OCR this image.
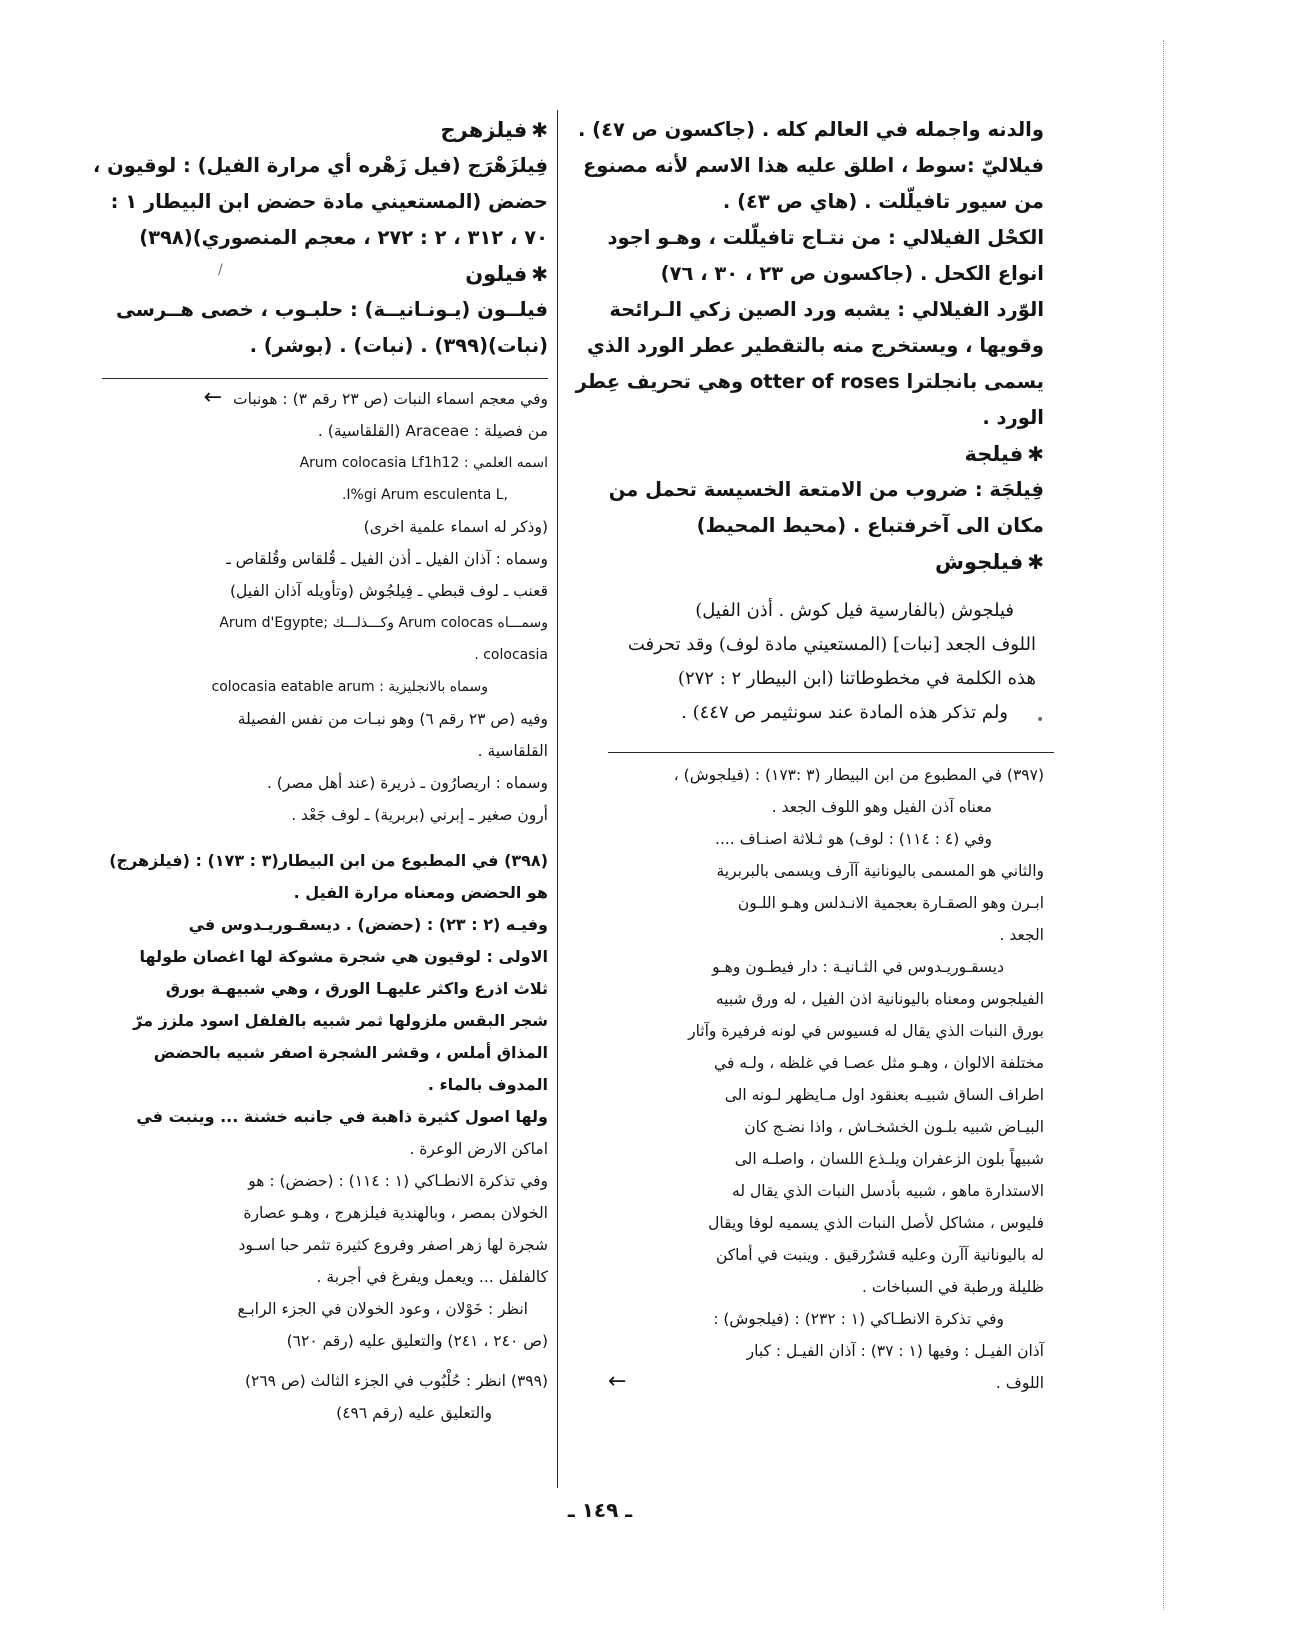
والدنه واجمله في العالم كله . (جاكسون ص ٤٧) .

فيلاليّ :سوط ، اطلق عليه هذا الاسم لأنه مصنوع

من سيور تافيلّلت . (هاي ص ٤٣) .

الكحْل الفيلالي : من نتـاج تافيلّلت ، وهـو اجود

انواع الكحل . (جاكسون ص ٢٣ ، ٣٠ ، ٧٦)

الوّرد الفيلالي : يشبه ورد الصين زكي الـرائحة

وقويها ، ويستخرج منه بالتقطير عطر الورد الذي

يسمى بانجلترا otter of roses وهي تحريف عِطر

الورد .

✱فيلجة

فِيلجَة : ضروب من الامتعة الخسيسة تحمل من

مكان الى آخرفتباع . (محيط المحيط)

✱فيلجوش

فيلجوش (بالفارسية فيل كوش . أذن الفيل)

اللوف الجعد [نبات] (المستعيني مادة لوف) وقد تحرفت

هذه الكلمة في مخطوطاتنا (ابن البيطار ٢ : ٢٧٢)

ولم تذكر هذه المادة عند سونثيمر ص ٤٤٧) .

(٣٩٧) في المطبوع من ابن البيطار (٣ :١٧٣) : (فيلجوش) ،

معناه آذن الفيل وهو اللوف الجعد .

وفي (٤ : ١١٤) : لوف) هو ثـلاثة اصنـاف ....

والثاني هو المسمى باليونانية آآرف ويسمى بالبربرية

ابـرن وهو الصقـارة بعجمية الانـدلس وهـو اللـون

الجعد .

ديسقـوريـدوس في الثـانيـة : دار فيطـون وهـو

الفيلجوس ومعناه باليونانية اذن الفيل ، له ورق شبيه

بورق النبات الذي يقال له فسيوس في لونه فرفيرة وآثار

مختلفة الالوان ، وهـو مثل عصـا في غلظه ، ولـه في

اطراف الساق شبيـه بعنقود اول مـايظهر لـونه الى

البيـاض شبيه بلـون الخشخـاش ، واذا نضـج كان

شبيهاً بلون الزعفران ويلـذع اللسان ، واصلـه الى

الاستدارة ماهو ، شبيه بأدسل النبات الذي يقال له

فليوس ، مشاكل لأصل النبات الذي يسميه لوفا ويقال

له باليونانية آآرن وعليه قشرٌرقيق . وينبت في أماكن

ظليلة ورطبة في السباخات .

وفي تذكرة الانطـاكي (١ : ٢٣٢) : (فيلجوش) :

آذان الفيـل : وفيها (١ : ٣٧) : آذان الفيـل : كبار

اللوف .

←

✱فيلزهرج

فِيلزَهْرَج (فيل زَهْره أي مرارة الفيل) : لوقيون ،

حضض (المستعيني مادة حضض ابن البيطار ١ :

٧٠ ، ٣١٢ ، ٢ : ٢٧٢ ، معجم المنصوري)(٣٩٨)

✱فيلون

فيلــون (يـونـانيــة) : حلبـوب ، خصى هــرسى

(نبات)(٣٩٩) . (نبات) . (بوشر) .

وفي معجم اسماء النبات (ص ٢٣ رقم ٣) : هونبات ←

من فصيلة : Araceae (القلقاسية) .

اسمه العلمي : Arum colocasia Lf1h12

,I%gi Arum esculenta L.

(وذكر له اسماء علمية اخرى)

وسماه : آذان الفيل ـ أذن الفيل ـ قُلقاس وقُلقاص ـ

قعنب ـ لوف قبطي ـ فِيلجُوش (وتأويله آذان الفيل)

وسمـــاه Arum colocas وكـــذلـــك ;Arum d'Egypte

colocasia .

وسماه بالانجليزية : colocasia eatable arum

وفيه (ص ٢٣ رقم ٦) وهو نبـات من نفس الفصيلة

القلقاسية .

وسماه : اريصارُون ـ ذريرة (عند أهل مصر) .

أرون صغير ـ إبرني (بربرية) ـ لوف جَعْد .

(٣٩٨) في المطبوع من ابن البيطار(٣ : ١٧٣) : (فيلزهرج)

هو الحضض ومعناه مرارة الفيل .

وفيـه (٢ : ٢٣) : (حضض) . ديسقـوريـدوس في

الاولى : لوقيون هي شجرة مشوكة لها اغصان طولها

ثلاث اذرع واكثر عليهـا الورق ، وهي شبيهـة بورق

شجر البقس ملزولها ثمر شبيه بالفلفل اسود ملزز مرّ

المذاق أملس ، وقشر الشجرة اصفر شبيه بالحضض

المدوف بالماء .

ولها اصول كثيرة ذاهبة في جانبه خشنة ... وينبت في

اماكن الارض الوعرة .

وفي تذكرة الانطـاكي (١ : ١١٤) : (حضض) : هو

الخولان بمصر ، وبالهندية فيلزهرج ، وهـو عصارة

شجرة لها زهر اصفر وفروع كثيرة تثمر حبا اسـود

كالفلفل ... ويعمل ويفرغ في أجربة .

انظر : خَوْلان ، وعود الخولان في الجزء الرابـع

(ص ٢٤٠ ، ٢٤١) والتعليق عليه (رقم ٦٢٠)

(٣٩٩) انظر : حُلْبُوب في الجزء الثالث (ص ٢٦٩)

والتعليق عليه (رقم ٤٩٦)

ـ ١٤٩ ـ
•
/
